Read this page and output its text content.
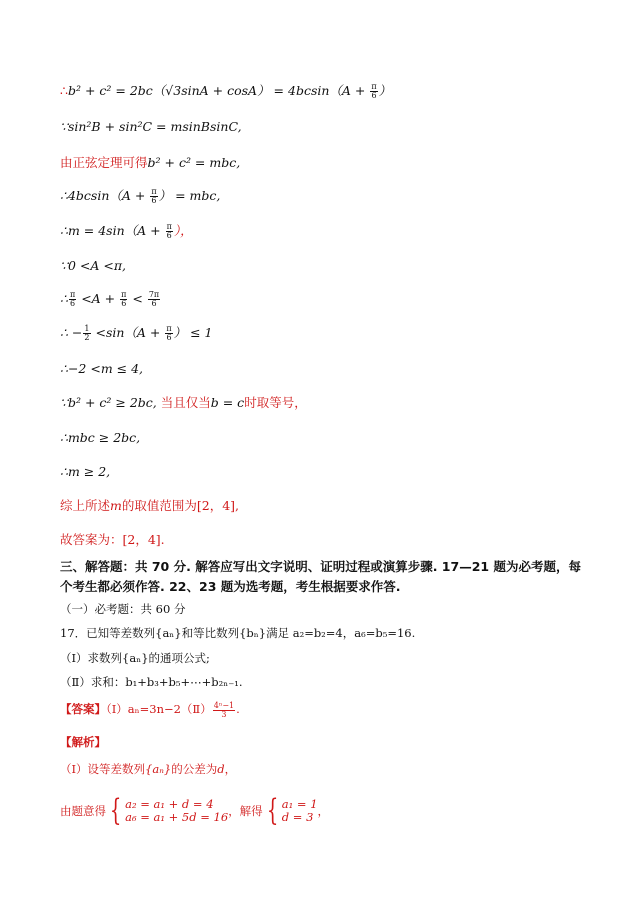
∴b² + $c^2 = 2bc(√3\sin A + \cos A) = 4bcsin(A + \frac{\pi}{6}$ ）
∵sin²B + sin²C = msinBsinC,
由正弦定理可得b² + c² = mbc,
∴4bcsin（A + $\frac{\pi}{6}$ ） = mbc,
∴m = $4\sin(A + \frac{\pi}{6}$ ），
∵0 <A <π,
∴ $\frac{\pi}{6} <A + \frac{\pi}{6} < \frac{7\pi}{6}$
∴ − $\frac{1}{2} <\sin(A + \frac{\pi}{6}$ ） ≤ 1
∴−2 <m ≤ 4,
∵b² + c² ≥ 2bc, 当且仅当b = c时取等号，
∴mbc ≥ 2bc,
∴m ≥ 2,
综上所述m的取值范围为[2，4],
故答案为：[2，4].
三、解答题：共 70 分. 解答应写出文字说明、证明过程或演算步骤. 17—21 题为必考题，每
个考生都必须作答. 22、23 题为选考题，考生根据要求作答.
（一）必考题：共 60 分
17．已知等差数列{aₙ}和等比数列{bₙ}满足 a₂=b₂=4，a₆=b₅=16.
（Ⅰ）求数列{aₙ}的通项公式;
（Ⅱ）求和：b₁+b₃+b₅+⋯+b₂ₙ₋₁.
【答案】（Ⅰ）aₙ=3n−2（Ⅱ） $\frac{\text{4ⁿ−1}}{3}$ .
【解析】
（Ⅰ）设等差数列{aₙ}的公差为d，
由题意得 { a₂ = a₁ + d = 4
a₆ = a₁ + 5d = 16 ，解得 { a₁ = 1
d = 3 ，
